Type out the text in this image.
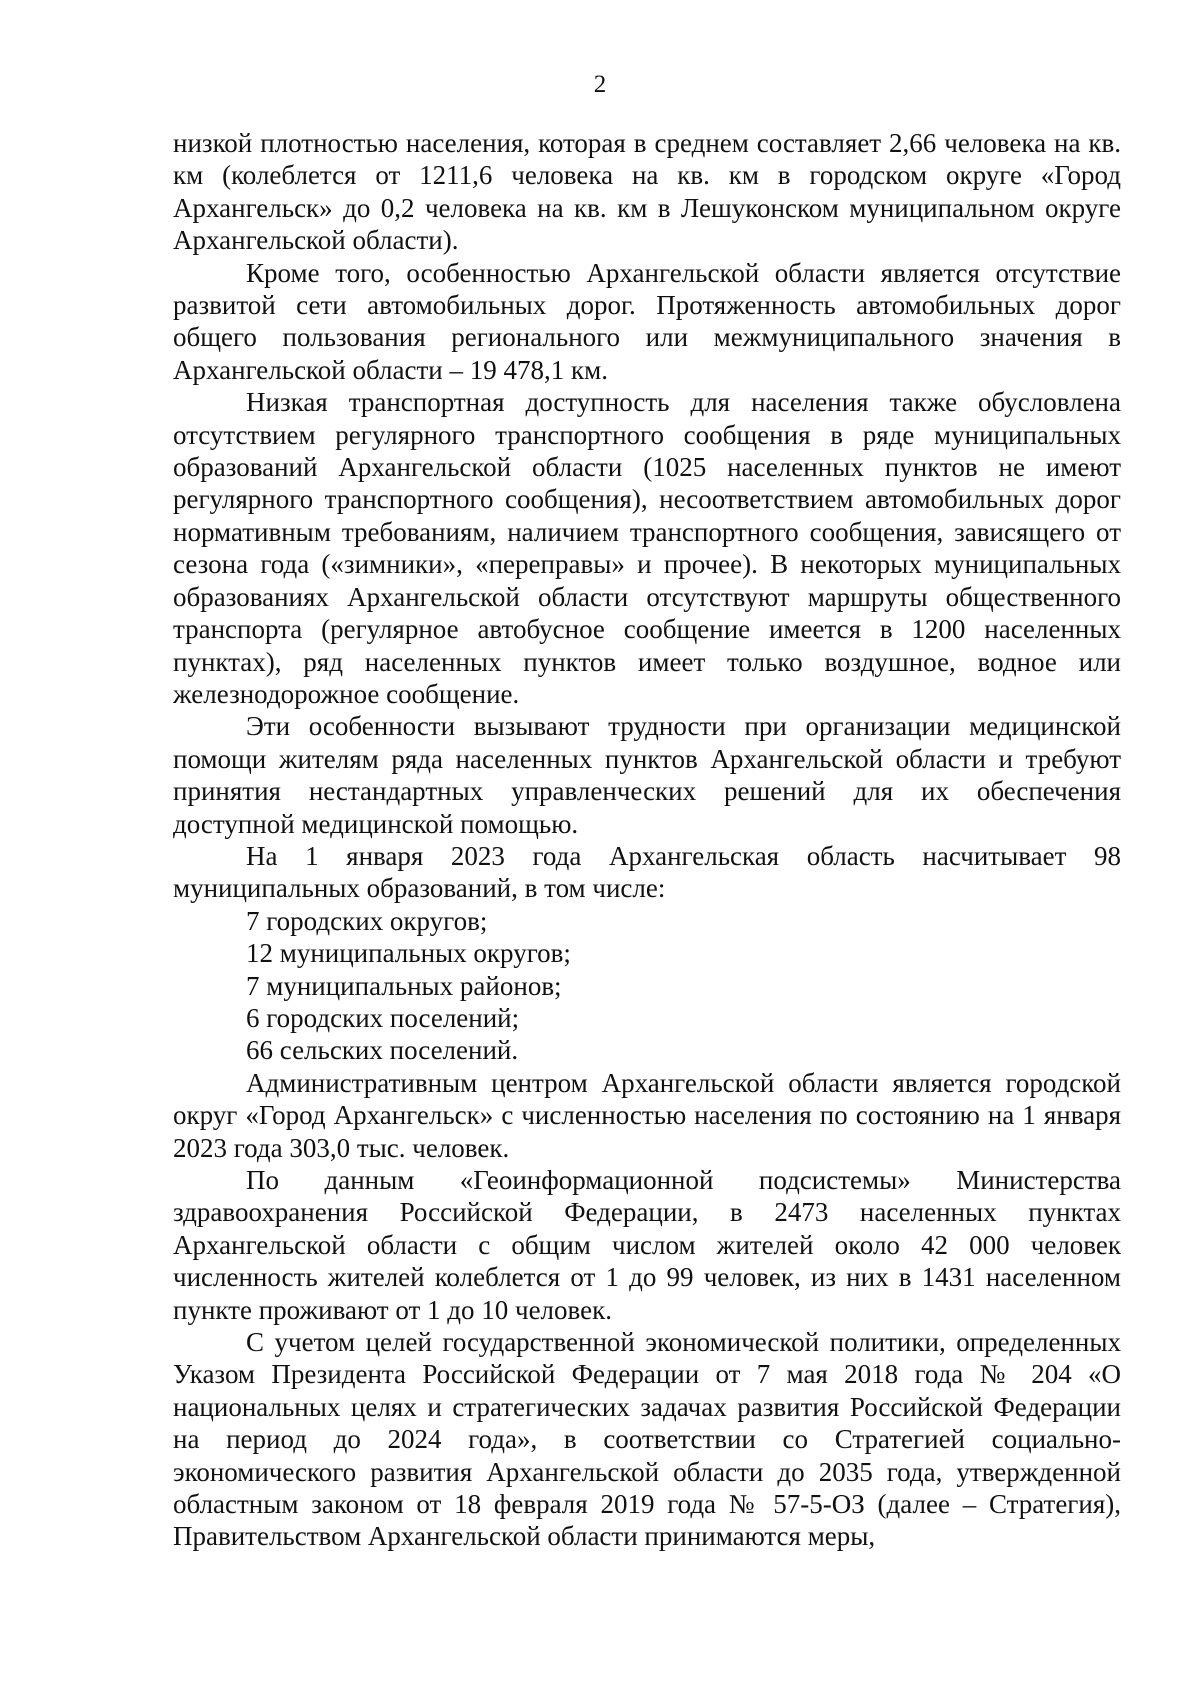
2

низкой плотностью населения, которая в среднем составляет 2,66 человека на кв. км (колеблется от 1211,6 человека на кв. км в городском округе «Город Архангельск» до 0,2 человека на кв. км в Лешуконском муниципальном округе Архангельской области).

Кроме того, особенностью Архангельской области является отсутствие развитой сети автомобильных дорог. Протяженность автомобильных дорог общего пользования регионального или межмуниципального значения в Архангельской области – 19 478,1 км.

Низкая транспортная доступность для населения также обусловлена отсутствием регулярного транспортного сообщения в ряде муниципальных образований Архангельской области (1025 населенных пунктов не имеют регулярного транспортного сообщения), несоответствием автомобильных дорог нормативным требованиям, наличием транспортного сообщения, зависящего от сезона года («зимники», «переправы» и прочее). В некоторых муниципальных образованиях Архангельской области отсутствуют маршруты общественного транспорта (регулярное автобусное сообщение имеется в 1200 населенных пунктах), ряд населенных пунктов имеет только воздушное, водное или железнодорожное сообщение.

Эти особенности вызывают трудности при организации медицинской помощи жителям ряда населенных пунктов Архангельской области и требуют принятия нестандартных управленческих решений для их обеспечения доступной медицинской помощью.

На 1 января 2023 года Архангельская область насчитывает 98 муниципальных образований, в том числе:

7 городских округов;

12 муниципальных округов;

7 муниципальных районов;

6 городских поселений;

66 сельских поселений.

Административным центром Архангельской области является городской округ «Город Архангельск» с численностью населения по состоянию на 1 января 2023 года 303,0 тыс. человек.

По данным «Геоинформационной подсистемы» Министерства здравоохранения Российской Федерации, в 2473 населенных пунктах Архангельской области с общим числом жителей около 42 000 человек численность жителей колеблется от 1 до 99 человек, из них в 1431 населенном пункте проживают от 1 до 10 человек.

С учетом целей государственной экономической политики, определенных Указом Президента Российской Федерации от 7 мая 2018 года № 204 «О национальных целях и стратегических задачах развития Российской Федерации на период до 2024 года», в соответствии со Стратегией социально-экономического развития Архангельской области до 2035 года, утвержденной областным законом от 18 февраля 2019 года № 57-5-ОЗ (далее – Стратегия), Правительством Архангельской области принимаются меры,
